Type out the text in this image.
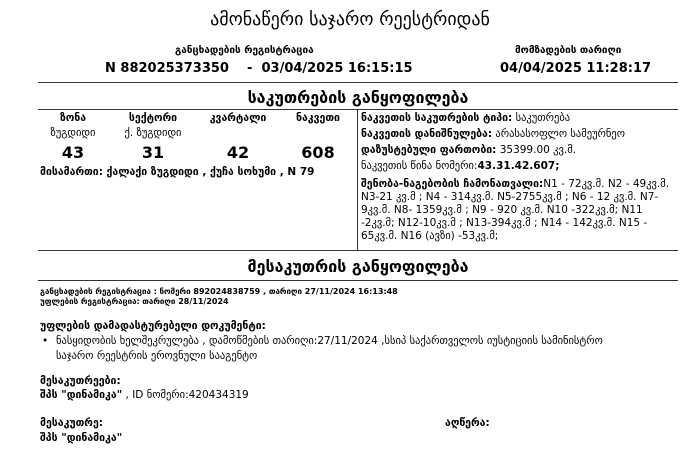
ამონაწერი საჯარო რეესტრიდან
განცხადების რეგისტრაცია
N 882025373350    -  03/04/2025 16:15:15
მომზადების თარიღი
04/04/2025 11:28:17
საკუთრების განყოფილება
ზონა
ზუგდიდი
43
სექტორი
ქ. ზუგდიდი
31
კვარტალი
42
ნაკვეთი
608
მისამართი: ქალაქი ზუგდიდი , ქუჩა სოხუმი , N 79
ნაკვეთის საკუთრების ტიპი: საკუთრება
ნაკვეთის დანიშნულება: არასასოფლო სამეურნეო
დაზუსტებული ფართობი: 35399.00 კვ.მ.
ნაკვეთის წინა ნომერი:43.31.42.607;
შენობა-ნაგებობის ჩამონათვალი:N1 - 72კვ.მ. N2 - 49კვ.მ. N3-21 კვ.მ ; N4 - 314კვ.მ. N5-2755კვ.მ ; N6 - 12 კვ.მ. N7- 9კვ.მ. N8- 1359კვ.მ ; N9 - 920 კვ.მ. N10 -322კვ.მ; N11 -2კვ.მ; N12-10კვ.მ ; N13-394კვ.მ ; N14 - 142კვ.მ. N15 - 65კვ.მ. N16 (ავზი) -53კვ.მ;
მესაკუთრის განყოფილება
განცხადების რეგისტრაცია : ნომერი 892024838759 , თარიღი 27/11/2024 16:13:48
უფლების რეგისტრაცია: თარიღი 28/11/2024
უფლების დამადასტურებელი დოკუმენტი:
• ნასყიდობის ხელშეკრულება , დამოწმების თარიღი:27/11/2024 ,სსიპ საქართველოს იუსტიციის სამინისტრო
საჯარო რეესტრის ეროვნული სააგენტო
მესაკუთრეები:
შპს "დინამიკა" , ID ნომერი:420434319
მესაკუთრე:
შპს "დინამიკა"
აღწერა:
